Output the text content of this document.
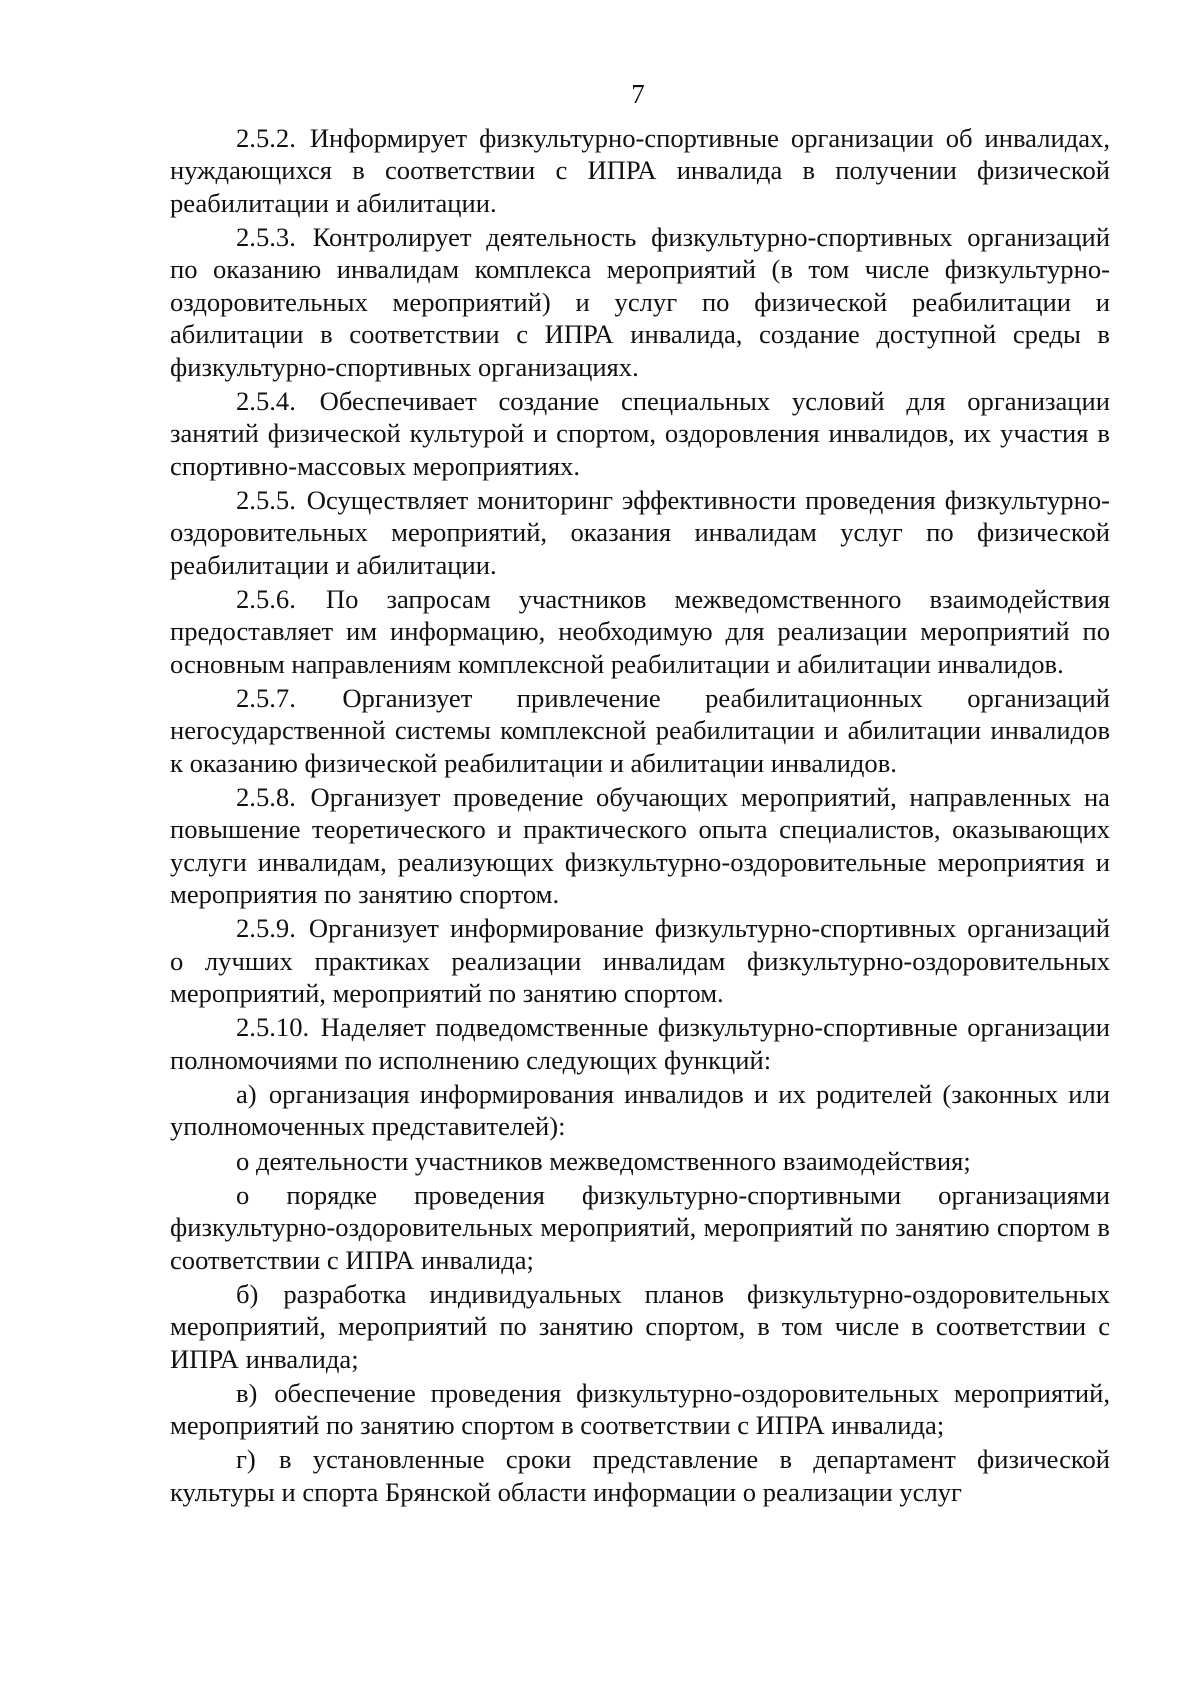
7

2.5.2. Информирует физкультурно-спортивные организации об инвалидах, нуждающихся в соответствии с ИПРА инвалида в получении физической реабилитации и абилитации.

2.5.3. Контролирует деятельность физкультурно-спортивных организаций по оказанию инвалидам комплекса мероприятий (в том числе физкультурно-оздоровительных мероприятий) и услуг по физической реабилитации и абилитации в соответствии с ИПРА инвалида, создание доступной среды в физкультурно-спортивных организациях.

2.5.4. Обеспечивает создание специальных условий для организации занятий физической культурой и спортом, оздоровления инвалидов, их участия в спортивно-массовых мероприятиях.

2.5.5. Осуществляет мониторинг эффективности проведения физкультурно-оздоровительных мероприятий, оказания инвалидам услуг по физической реабилитации и абилитации.

2.5.6. По запросам участников межведомственного взаимодействия предоставляет им информацию, необходимую для реализации мероприятий по основным направлениям комплексной реабилитации и абилитации инвалидов.

2.5.7. Организует привлечение реабилитационных организаций негосударственной системы комплексной реабилитации и абилитации инвалидов к оказанию физической реабилитации и абилитации инвалидов.

2.5.8. Организует проведение обучающих мероприятий, направленных на повышение теоретического и практического опыта специалистов, оказывающих услуги инвалидам, реализующих физкультурно-оздоровительные мероприятия и мероприятия по занятию спортом.

2.5.9. Организует информирование физкультурно-спортивных организаций о лучших практиках реализации инвалидам физкультурно-оздоровительных мероприятий, мероприятий по занятию спортом.

2.5.10. Наделяет подведомственные физкультурно-спортивные организации полномочиями по исполнению следующих функций:

а) организация информирования инвалидов и их родителей (законных или уполномоченных представителей):

о деятельности участников межведомственного взаимодействия;

о порядке проведения физкультурно-спортивными организациями физкультурно-оздоровительных мероприятий, мероприятий по занятию спортом в соответствии с ИПРА инвалида;

б) разработка индивидуальных планов физкультурно-оздоровительных мероприятий, мероприятий по занятию спортом, в том числе в соответствии с ИПРА инвалида;

в) обеспечение проведения физкультурно-оздоровительных мероприятий, мероприятий по занятию спортом в соответствии с ИПРА инвалида;

г) в установленные сроки представление в департамент физической культуры и спорта Брянской области информации о реализации услуг
